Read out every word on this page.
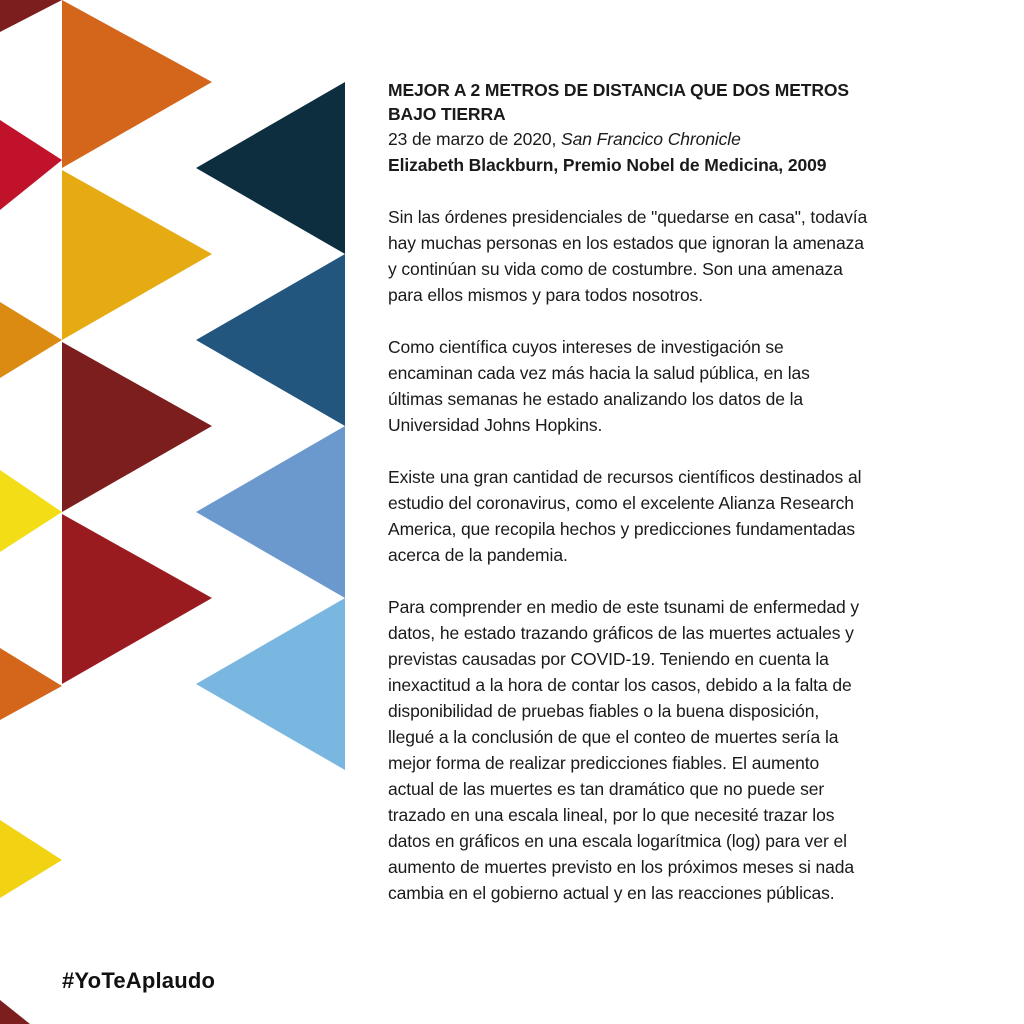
MEJOR A 2 METROS DE DISTANCIA QUE DOS METROS BAJO TIERRA

23 de marzo de 2020, San Francico Chronicle

Elizabeth Blackburn, Premio Nobel de Medicina, 2009

Sin las órdenes presidenciales de "quedarse en casa", todavía hay muchas personas en los estados que ignoran la amenaza y continúan su vida como de costumbre. Son una amenaza para ellos mismos y para todos nosotros.

Como científica cuyos intereses de investigación se encaminan cada vez más hacia la salud pública, en las últimas semanas he estado analizando los datos de la Universidad Johns Hopkins.

Existe una gran cantidad de recursos científicos destinados al estudio del coronavirus, como el excelente Alianza Research America, que recopila hechos y predicciones fundamentadas acerca de la pandemia.

Para comprender en medio de este tsunami de enfermedad y datos, he estado trazando gráficos de las muertes actuales y previstas causadas por COVID-19. Teniendo en cuenta la inexactitud a la hora de contar los casos, debido a la falta de disponibilidad de pruebas fiables o la buena disposición, llegué a la conclusión de que el conteo de muertes sería la mejor forma de realizar predicciones fiables. El aumento actual de las muertes es tan dramático que no puede ser trazado en una escala lineal, por lo que necesité trazar los datos en gráficos en una escala logarítmica (log) para ver el aumento de muertes previsto en los próximos meses si nada cambia en el gobierno actual y en las reacciones públicas.

#YoTeAplaudo
